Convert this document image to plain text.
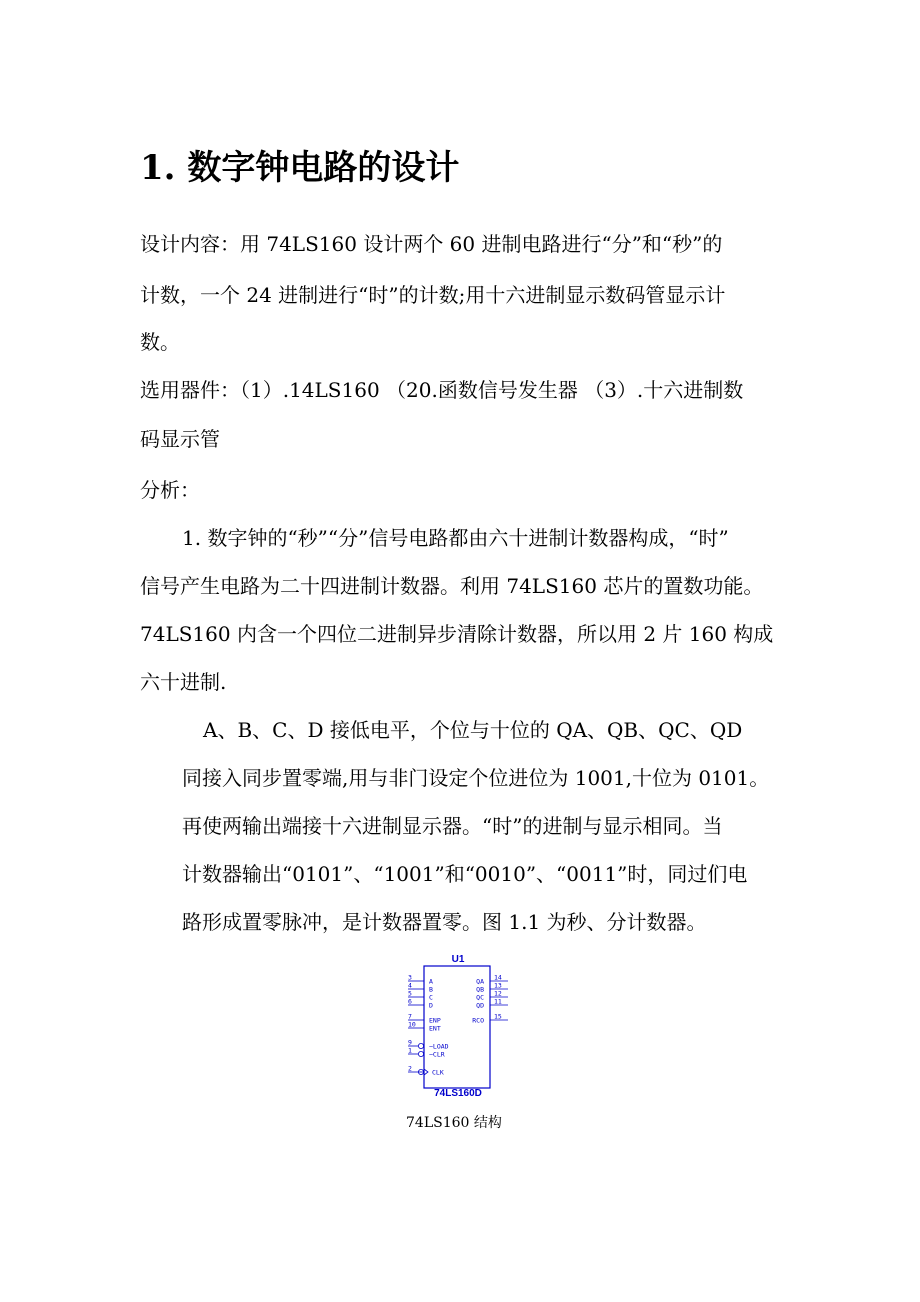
1. 数字钟电路的设计

设计内容：用 74LS160 设计两个 60 进制电路进行“分”和“秒”的

计数，一个 24 进制进行“时”的计数;用十六进制显示数码管显示计

数。

选用器件：（1）.14LS160 （20.函数信号发生器 （3）.十六进制数

码显示管

分析：

1. 数字钟的“秒”“分”信号电路都由六十进制计数器构成，“时”

信号产生电路为二十四进制计数器。利用 74LS160 芯片的置数功能。

74LS160 内含一个四位二进制异步清除计数器，所以用 2 片 160 构成

六十进制.

A、B、C、D 接低电平，个位与十位的 QA、QB、QC、QD

同接入同步置零端,用与非门设定个位进位为 1001,十位为 0101。

再使两输出端接十六进制显示器。“时”的进制与显示相同。当

计数器输出“0101”、“1001”和“0010”、“0011”时，同过们电

路形成置零脉冲，是计数器置零。图 1.1 为秒、分计数器。

U1
3	A
4	B
5	C
6	D
7	ENP
10 ENT
9	~LOAD
1	~CLR
2	CLK
14
QA
13
QB
12
QC
11
QD
15
RCO
74LS160D
74LS160 结构
